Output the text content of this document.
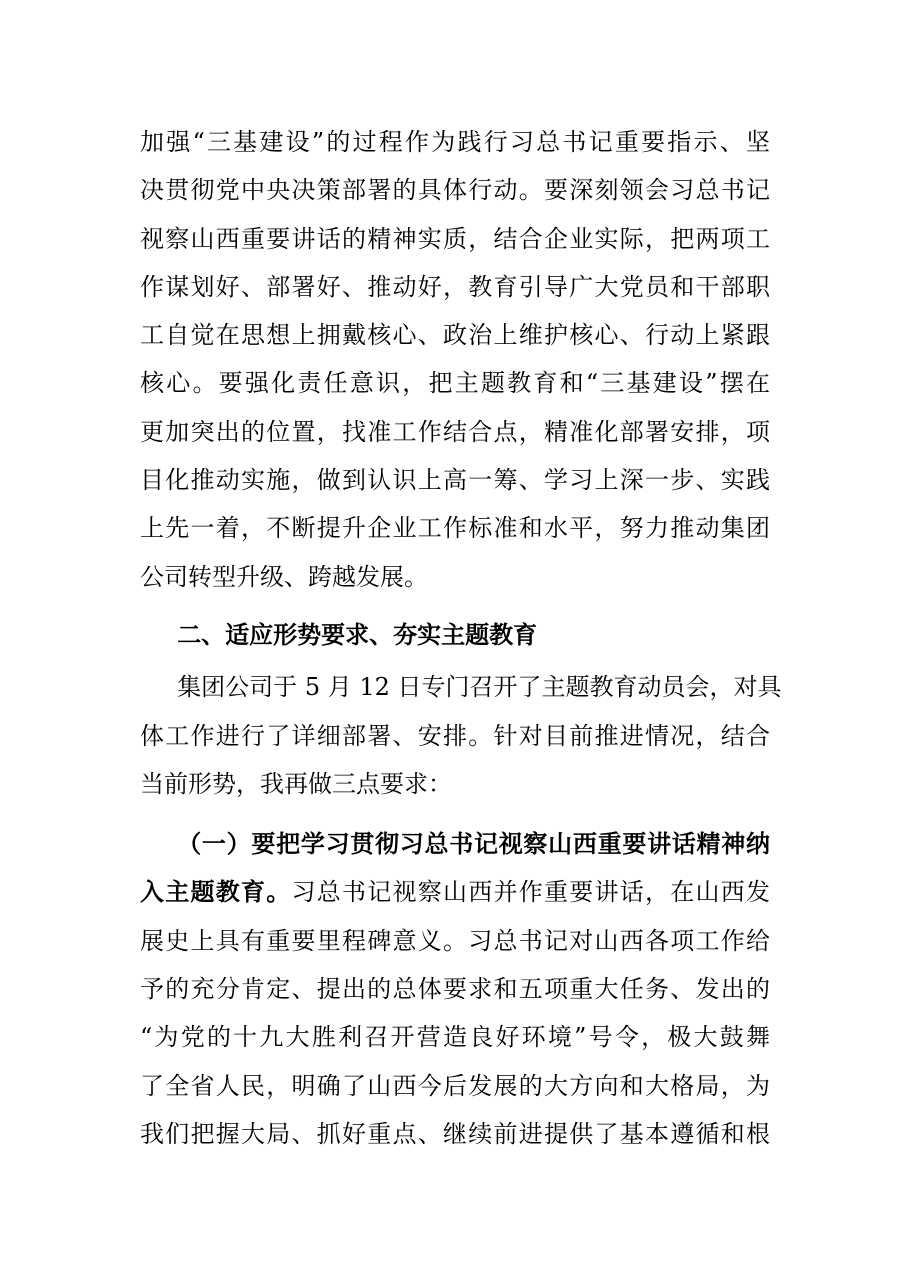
加强“三基建设”的过程作为践行习总书记重要指示、坚
决贯彻党中央决策部署的具体行动。要深刻领会习总书记
视察山西重要讲话的精神实质，结合企业实际，把两项工
作谋划好、部署好、推动好，教育引导广大党员和干部职
工自觉在思想上拥戴核心、政治上维护核心、行动上紧跟
核心。要强化责任意识，把主题教育和“三基建设”摆在
更加突出的位置，找准工作结合点，精准化部署安排，项
目化推动实施，做到认识上高一筹、学习上深一步、实践
上先一着，不断提升企业工作标准和水平，努力推动集团
公司转型升级、跨越发展。
二、适应形势要求、夯实主题教育
集团公司于 5 月 12 日专门召开了主题教育动员会，对具
体工作进行了详细部署、安排。针对目前推进情况，结合
当前形势，我再做三点要求：
（一）要把学习贯彻习总书记视察山西重要讲话精神纳
入主题教育。习总书记视察山西并作重要讲话，在山西发
展史上具有重要里程碑意义。习总书记对山西各项工作给
予的充分肯定、提出的总体要求和五项重大任务、发出的
“为党的十九大胜利召开营造良好环境”号令，极大鼓舞
了全省人民，明确了山西今后发展的大方向和大格局，为
我们把握大局、抓好重点、继续前进提供了基本遵循和根
